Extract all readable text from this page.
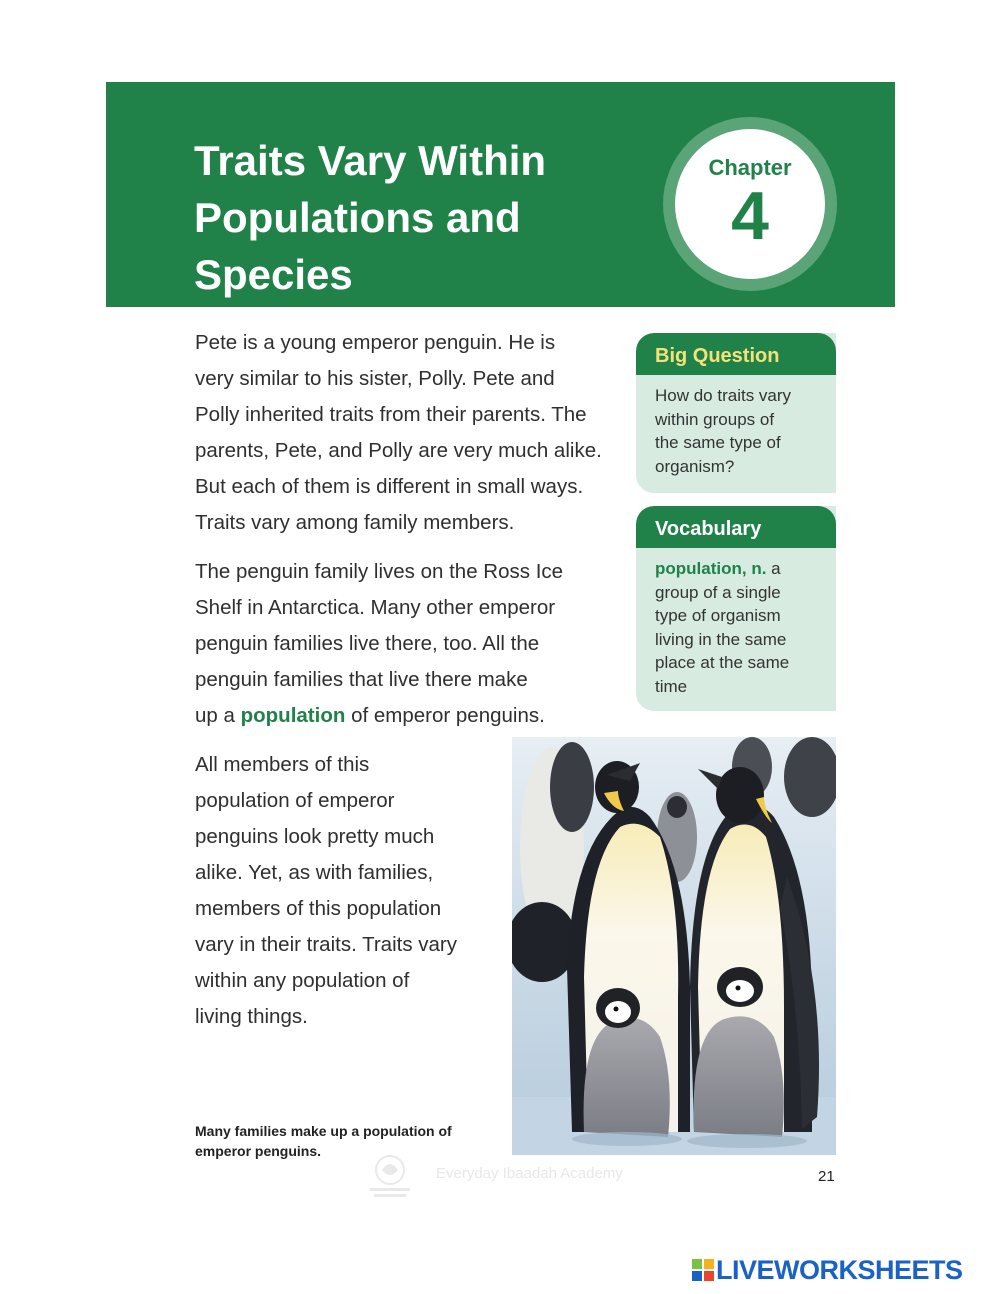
Traits Vary Within
Populations and
Species
Chapter
4

Pete is a young emperor penguin. He is
very similar to his sister, Polly. Pete and
Polly inherited traits from their parents. The
parents, Pete, and Polly are very much alike.
But each of them is different in small ways.
Traits vary among family members.

The penguin family lives on the Ross Ice
Shelf in Antarctica. Many other emperor
penguin families live there, too. All the
penguin families that live there make
up a population of emperor penguins.

All members of this
population of emperor
penguins look pretty much
alike. Yet, as with families,
members of this population
vary in their traits. Traits vary
within any population of
living things.

Big Question
How do traits vary
within groups of
the same type of
organism?
Vocabulary
population, n. a
group of a single
type of organism
living in the same
place at the same
time
Many families make up a population of
emperor penguins.
Everyday Ibaadah Academy	21
LIVEWORKSHEETS
